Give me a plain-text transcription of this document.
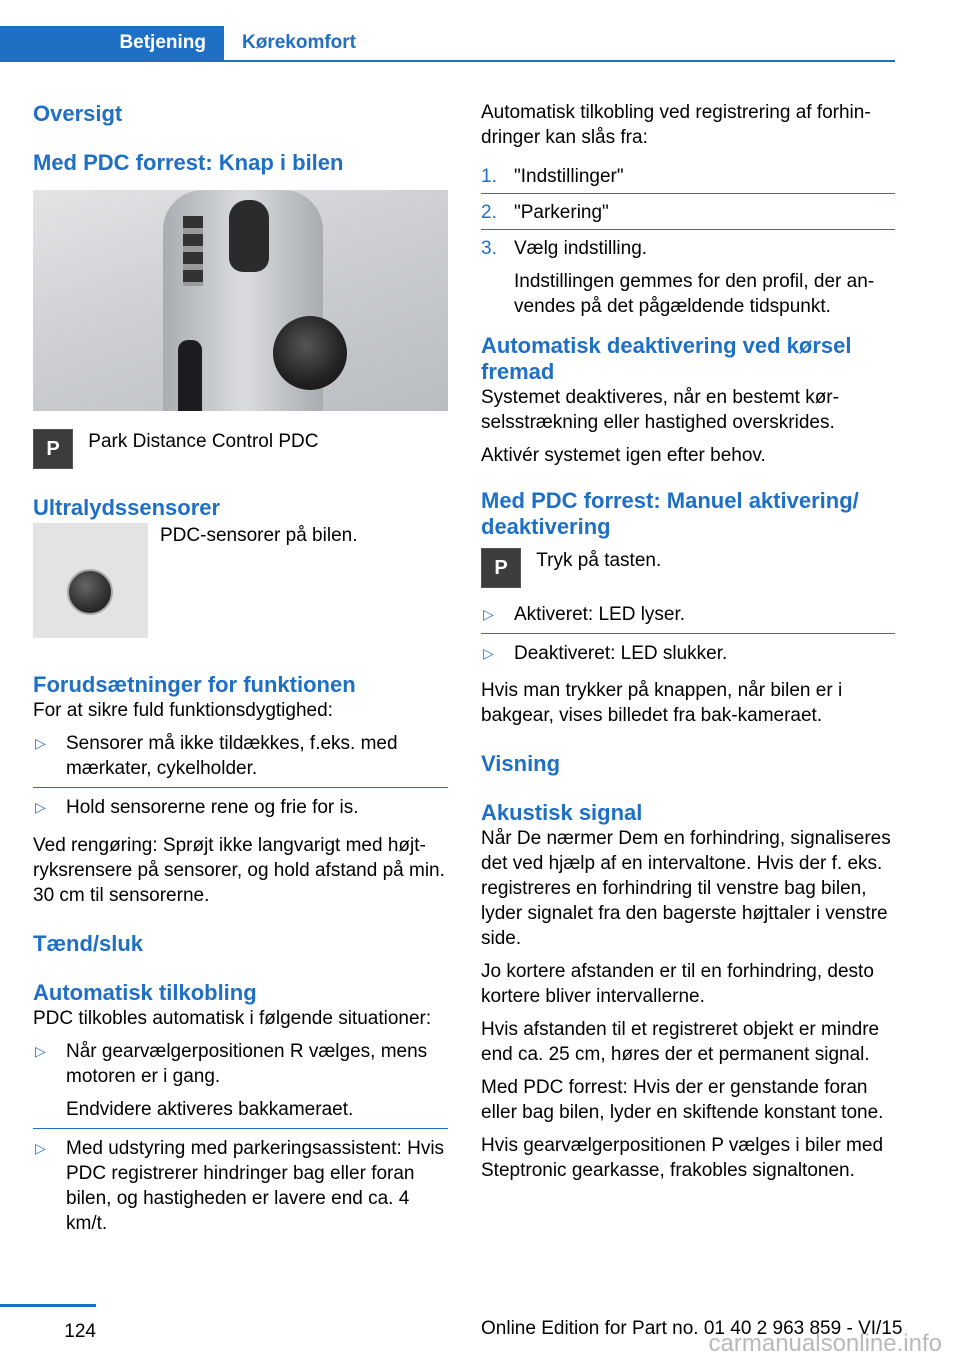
Betjening Kørekomfort
Oversigt
Med PDC forrest: Knap i bilen
P Park Distance Control PDC
Ultralydssensorer
PDC-sensorer på bilen.
Forudsætninger for funktionen

For at sikre fuld funktionsdygtighed:

▷ Sensorer må ikke tildækkes, f.eks. med mærkater, cykelholder.
▷ Hold sensorerne rene og frie for is.

Ved rengøring: Sprøjt ikke langvarigt med højtryksrensere på sensorer, og hold afstand på min. 30 cm til sensorerne.

Tænd/sluk
Automatisk tilkobling

PDC tilkobles automatisk i følgende situationer:

▷ Når gearvælgerpositionen R vælges, mens motoren er i gang.
Endvidere aktiveres bakkameraet.
▷ Med udstyring med parkeringsassistent: Hvis PDC registrerer hindringer bag eller foran bilen, og hastigheden er lavere end ca. 4 km/t.

Automatisk tilkobling ved registrering af forhindringer kan slås fra:

1. "Indstillinger"
2. "Parkering"
3. Vælg indstilling.
Indstillingen gemmes for den profil, der anvendes på det pågældende tidspunkt.
Automatisk deaktivering ved kørsel fremad

Systemet deaktiveres, når en bestemt kørselsstrækning eller hastighed overskrides.

Aktivér systemet igen efter behov.

Med PDC forrest: Manuel aktivering/ deaktivering
P Tryk på tasten.
▷ Aktiveret: LED lyser.
▷ Deaktiveret: LED slukker.

Hvis man trykker på knappen, når bilen er i bakgear, vises billedet fra bak-kameraet.

Visning
Akustisk signal

Når De nærmer Dem en forhindring, signaliseres det ved hjælp af en intervaltone. Hvis der f. eks. registreres en forhindring til venstre bag bilen, lyder signalet fra den bagerste højttaler i venstre side.

Jo kortere afstanden er til en forhindring, desto kortere bliver intervallerne.

Hvis afstanden til et registreret objekt er mindre end ca. 25 cm, høres der et permanent signal.

Med PDC forrest: Hvis der er genstande foran eller bag bilen, lyder en skiftende konstant tone.

Hvis gearvælgerpositionen P vælges i biler med Steptronic gearkasse, frakobles signaltonen.

124	Online Edition for Part no. 01 40 2 963 859 - VI/15
carmanualsonline.info
